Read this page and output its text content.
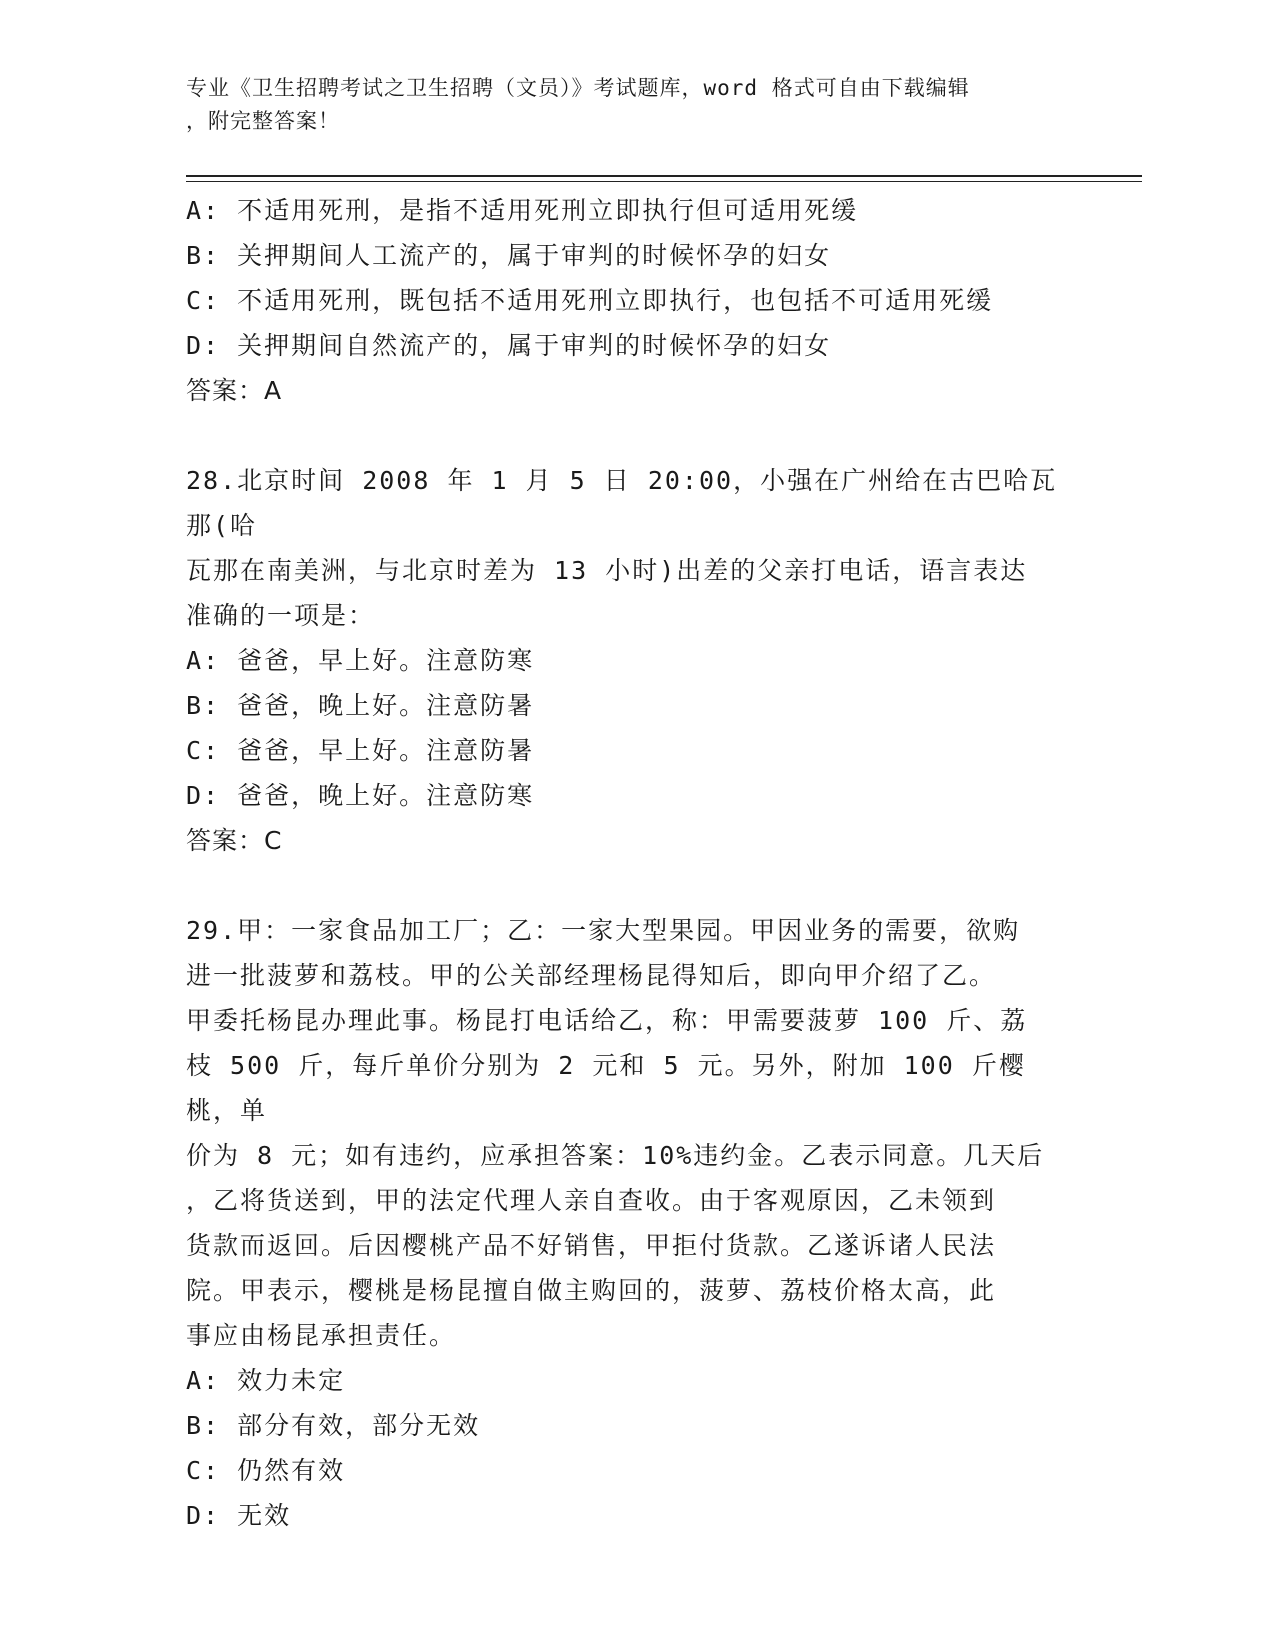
专业《卫生招聘考试之卫生招聘（文员）》考试题库，word 格式可自由下载编辑
，附完整答案！
A: 不适用死刑，是指不适用死刑立即执行但可适用死缓
B: 关押期间人工流产的，属于审判的时候怀孕的妇女
C: 不适用死刑，既包括不适用死刑立即执行，也包括不可适用死缓
D: 关押期间自然流产的，属于审判的时候怀孕的妇女
答案：A
28.北京时间 2008 年 1 月 5 日 20:00，小强在广州给在古巴哈瓦那(哈
瓦那在南美洲，与北京时差为 13 小时)出差的父亲打电话，语言表达
准确的一项是：
A: 爸爸，早上好。注意防寒
B: 爸爸，晚上好。注意防暑
C: 爸爸，早上好。注意防暑
D: 爸爸，晚上好。注意防寒
答案：C
29.甲：一家食品加工厂；乙：一家大型果园。甲因业务的需要，欲购
进一批菠萝和荔枝。甲的公关部经理杨昆得知后，即向甲介绍了乙。
甲委托杨昆办理此事。杨昆打电话给乙，称：甲需要菠萝 100 斤、荔
枝 500 斤，每斤单价分别为 2 元和 5 元。另外，附加 100 斤樱桃，单
价为 8 元；如有违约，应承担答案：10%违约金。乙表示同意。几天后
，乙将货送到，甲的法定代理人亲自查收。由于客观原因，乙未领到
货款而返回。后因樱桃产品不好销售，甲拒付货款。乙遂诉诸人民法
院。甲表示，樱桃是杨昆擅自做主购回的，菠萝、荔枝价格太高，此
事应由杨昆承担责任。
A: 效力未定
B: 部分有效，部分无效
C: 仍然有效
D: 无效
